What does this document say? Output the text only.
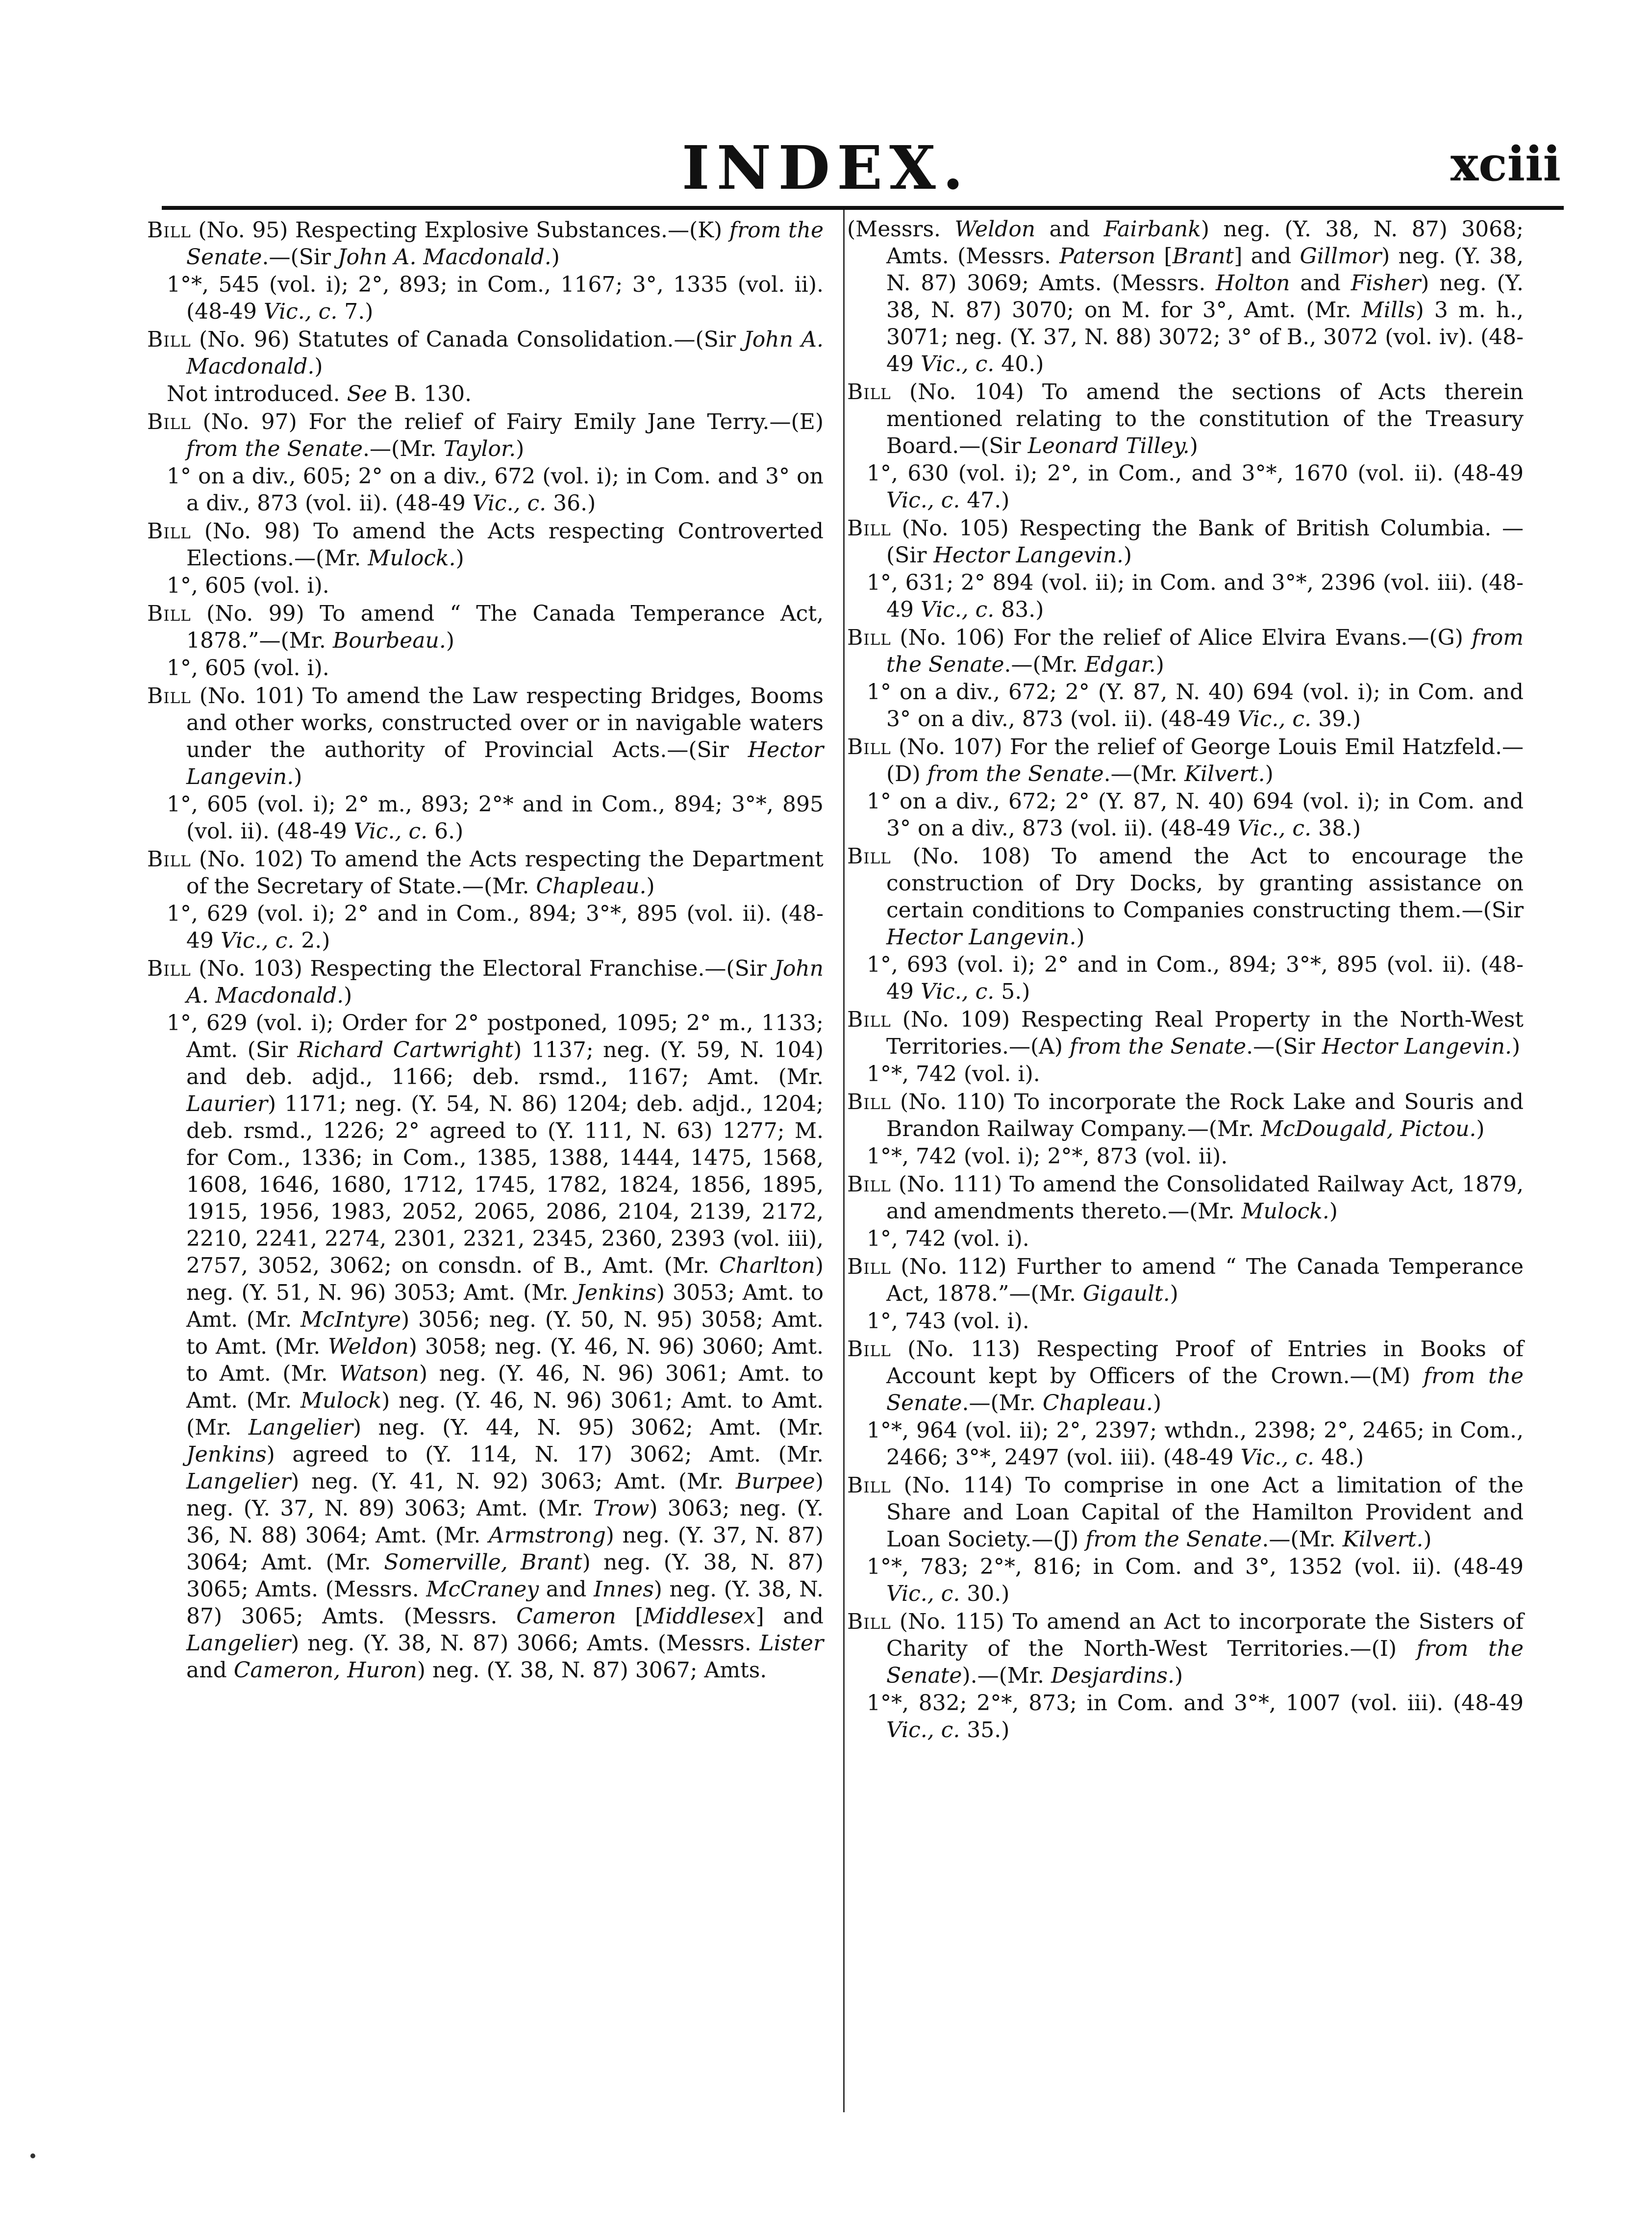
INDEX.	xciii

Bill (No. 95) Respecting Explosive Substances.—(K) from the Senate.—(Sir John A. Macdonald.)

1°*, 545 (vol. i); 2°, 893; in Com., 1167; 3°, 1335 (vol. ii). (48-49 Vic., c. 7.)

Bill (No. 96) Statutes of Canada Consolidation.—(Sir John A. Macdonald.)

Not introduced. See B. 130.

Bill (No. 97) For the relief of Fairy Emily Jane Terry.—(E) from the Senate.—(Mr. Taylor.)

1° on a div., 605; 2° on a div., 672 (vol. i); in Com. and 3° on a div., 873 (vol. ii). (48-49 Vic., c. 36.)

Bill (No. 98) To amend the Acts respecting Controverted Elections.—(Mr. Mulock.)

1°, 605 (vol. i).

Bill (No. 99) To amend “ The Canada Temperance Act, 1878.”—(Mr. Bourbeau.)

1°, 605 (vol. i).

Bill (No. 101) To amend the Law respecting Bridges, Booms and other works, constructed over or in navigable waters under the authority of Provincial Acts.—(Sir Hector Langevin.)

1°, 605 (vol. i); 2° m., 893; 2°* and in Com., 894; 3°*, 895 (vol. ii). (48-49 Vic., c. 6.)

Bill (No. 102) To amend the Acts respecting the Department of the Secretary of State.—(Mr. Chapleau.)

1°, 629 (vol. i); 2° and in Com., 894; 3°*, 895 (vol. ii). (48-49 Vic., c. 2.)

Bill (No. 103) Respecting the Electoral Franchise.—(Sir John A. Macdonald.)

1°, 629 (vol. i); Order for 2° postponed, 1095; 2° m., 1133; Amt. (Sir Richard Cartwright) 1137; neg. (Y. 59, N. 104) and deb. adjd., 1166; deb. rsmd., 1167; Amt. (Mr. Laurier) 1171; neg. (Y. 54, N. 86) 1204; deb. adjd., 1204; deb. rsmd., 1226; 2° agreed to (Y. 111, N. 63) 1277; M. for Com., 1336; in Com., 1385, 1388, 1444, 1475, 1568, 1608, 1646, 1680, 1712, 1745, 1782, 1824, 1856, 1895, 1915, 1956, 1983, 2052, 2065, 2086, 2104, 2139, 2172, 2210, 2241, 2274, 2301, 2321, 2345, 2360, 2393 (vol. iii), 2757, 3052, 3062; on consdn. of B., Amt. (Mr. Charlton) neg. (Y. 51, N. 96) 3053; Amt. (Mr. Jenkins) 3053; Amt. to Amt. (Mr. McIntyre) 3056; neg. (Y. 50, N. 95) 3058; Amt. to Amt. (Mr. Weldon) 3058; neg. (Y. 46, N. 96) 3060; Amt. to Amt. (Mr. Watson) neg. (Y. 46, N. 96) 3061; Amt. to Amt. (Mr. Mulock) neg. (Y. 46, N. 96) 3061; Amt. to Amt. (Mr. Langelier) neg. (Y. 44, N. 95) 3062; Amt. (Mr. Jenkins) agreed to (Y. 114, N. 17) 3062; Amt. (Mr. Langelier) neg. (Y. 41, N. 92) 3063; Amt. (Mr. Burpee) neg. (Y. 37, N. 89) 3063; Amt. (Mr. Trow) 3063; neg. (Y. 36, N. 88) 3064; Amt. (Mr. Armstrong) neg. (Y. 37, N. 87) 3064; Amt. (Mr. Somerville, Brant) neg. (Y. 38, N. 87) 3065; Amts. (Messrs. McCraney and Innes) neg. (Y. 38, N. 87) 3065; Amts. (Messrs. Cameron [Middlesex] and Langelier) neg. (Y. 38, N. 87) 3066; Amts. (Messrs. Lister and Cameron, Huron) neg. (Y. 38, N. 87) 3067; Amts.

(Messrs. Weldon and Fairbank) neg. (Y. 38, N. 87) 3068; Amts. (Messrs. Paterson [Brant] and Gillmor) neg. (Y. 38, N. 87) 3069; Amts. (Messrs. Holton and Fisher) neg. (Y. 38, N. 87) 3070; on M. for 3°, Amt. (Mr. Mills) 3 m. h., 3071; neg. (Y. 37, N. 88) 3072; 3° of B., 3072 (vol. iv). (48-49 Vic., c. 40.)

Bill (No. 104) To amend the sections of Acts therein mentioned relating to the constitution of the Treasury Board.—(Sir Leonard Tilley.)

1°, 630 (vol. i); 2°, in Com., and 3°*, 1670 (vol. ii). (48-49 Vic., c. 47.)

Bill (No. 105) Respecting the Bank of British Columbia. —(Sir Hector Langevin.)

1°, 631; 2° 894 (vol. ii); in Com. and 3°*, 2396 (vol. iii). (48-49 Vic., c. 83.)

Bill (No. 106) For the relief of Alice Elvira Evans.—(G) from the Senate.—(Mr. Edgar.)

1° on a div., 672; 2° (Y. 87, N. 40) 694 (vol. i); in Com. and 3° on a div., 873 (vol. ii). (48-49 Vic., c. 39.)

Bill (No. 107) For the relief of George Louis Emil Hatzfeld.—(D) from the Senate.—(Mr. Kilvert.)

1° on a div., 672; 2° (Y. 87, N. 40) 694 (vol. i); in Com. and 3° on a div., 873 (vol. ii). (48-49 Vic., c. 38.)

Bill (No. 108) To amend the Act to encourage the construction of Dry Docks, by granting assistance on certain conditions to Companies constructing them.—(Sir Hector Langevin.)

1°, 693 (vol. i); 2° and in Com., 894; 3°*, 895 (vol. ii). (48-49 Vic., c. 5.)

Bill (No. 109) Respecting Real Property in the North-West Territories.—(A) from the Senate.—(Sir Hector Langevin.)

1°*, 742 (vol. i).

Bill (No. 110) To incorporate the Rock Lake and Souris and Brandon Railway Company.—(Mr. McDougald, Pictou.)

1°*, 742 (vol. i); 2°*, 873 (vol. ii).

Bill (No. 111) To amend the Consolidated Railway Act, 1879, and amendments thereto.—(Mr. Mulock.)

1°, 742 (vol. i).

Bill (No. 112) Further to amend “ The Canada Temperance Act, 1878.”—(Mr. Gigault.)

1°, 743 (vol. i).

Bill (No. 113) Respecting Proof of Entries in Books of Account kept by Officers of the Crown.—(M) from the Senate.—(Mr. Chapleau.)

1°*, 964 (vol. ii); 2°, 2397; wthdn., 2398; 2°, 2465; in Com., 2466; 3°*, 2497 (vol. iii). (48-49 Vic., c. 48.)

Bill (No. 114) To comprise in one Act a limitation of the Share and Loan Capital of the Hamilton Provident and Loan Society.—(J) from the Senate.—(Mr. Kilvert.)

1°*, 783; 2°*, 816; in Com. and 3°, 1352 (vol. ii). (48-49 Vic., c. 30.)

Bill (No. 115) To amend an Act to incorporate the Sisters of Charity of the North-West Territories.—(I) from the Senate).—(Mr. Desjardins.)

1°*, 832; 2°*, 873; in Com. and 3°*, 1007 (vol. iii). (48-49 Vic., c. 35.)
